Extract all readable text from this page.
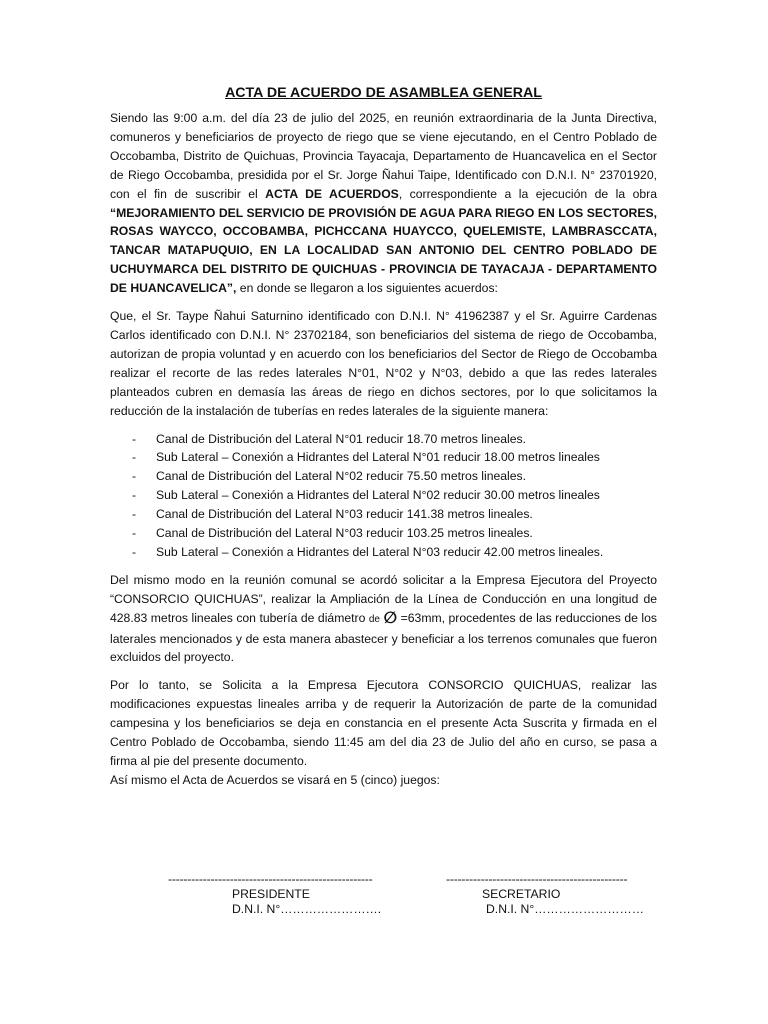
ACTA DE ACUERDO DE ASAMBLEA GENERAL

Siendo las 9:00 a.m. del día 23 de julio del 2025, en reunión extraordinaria de la Junta Directiva, comuneros y beneficiarios de proyecto de riego que se viene ejecutando, en el Centro Poblado de Occobamba, Distrito de Quichuas, Provincia Tayacaja, Departamento de Huancavelica en el Sector de Riego Occobamba, presidida por el Sr. Jorge Ñahui Taipe, Identificado con D.N.I. N° 23701920, con el fin de suscribir el ACTA DE ACUERDOS, correspondiente a la ejecución de la obra “MEJORAMIENTO DEL SERVICIO DE PROVISIÓN DE AGUA PARA RIEGO EN LOS SECTORES, ROSAS WAYCCO, OCCOBAMBA, PICHCCANA HUAYCCO, QUELEMISTE, LAMBRASCCATA, TANCAR MATAPUQUIO, EN LA LOCALIDAD SAN ANTONIO DEL CENTRO POBLADO DE UCHUYMARCA DEL DISTRITO DE QUICHUAS - PROVINCIA DE TAYACAJA - DEPARTAMENTO DE HUANCAVELICA”, en donde se llegaron a los siguientes acuerdos:

Que, el Sr. Taype Ñahui Saturnino identificado con D.N.I. N° 41962387 y el Sr. Aguirre Cardenas Carlos identificado con D.N.I. N° 23702184, son beneficiarios del sistema de riego de Occobamba, autorizan de propia voluntad y en acuerdo con los beneficiarios del Sector de Riego de Occobamba realizar el recorte de las redes laterales N°01, N°02 y N°03, debido a que las redes laterales planteados cubren en demasía las áreas de riego en dichos sectores, por lo que solicitamos la reducción de la instalación de tuberías en redes laterales de la siguiente manera:

- Canal de Distribución del Lateral N°01 reducir 18.70 metros lineales.
- Sub Lateral – Conexión a Hidrantes del Lateral N°01 reducir 18.00 metros lineales
- Canal de Distribución del Lateral N°02 reducir 75.50 metros lineales.
- Sub Lateral – Conexión a Hidrantes del Lateral N°02 reducir 30.00 metros lineales
- Canal de Distribución del Lateral N°03 reducir 141.38 metros lineales.
- Canal de Distribución del Lateral N°03 reducir 103.25 metros lineales.
- Sub Lateral – Conexión a Hidrantes del Lateral N°03 reducir 42.00 metros lineales.

Del mismo modo en la reunión comunal se acordó solicitar a la Empresa Ejecutora del Proyecto “CONSORCIO QUICHUAS”, realizar la Ampliación de la Línea de Conducción en una longitud de 428.83 metros lineales con tubería de diámetro de ∅ =63mm, procedentes de las reducciones de los laterales mencionados y de esta manera abastecer y beneficiar a los terrenos comunales que fueron excluidos del proyecto.

Por lo tanto, se Solicita a la Empresa Ejecutora CONSORCIO QUICHUAS, realizar las modificaciones expuestas lineales arriba y de requerir la Autorización de parte de la comunidad campesina y los beneficiarios se deja en constancia en el presente Acta Suscrita y firmada en el Centro Poblado de Occobamba, siendo 11:45 am del dia 23 de Julio del año en curso, se pasa a firma al pie del presente documento.

Así mismo el Acta de Acuerdos se visará en 5 (cinco) juegos:

-----------------------------------------------------
PRESIDENTE
D.N.I. N°…………………….
-----------------------------------------------
SECRETARIO
D.N.I. N°………………………
